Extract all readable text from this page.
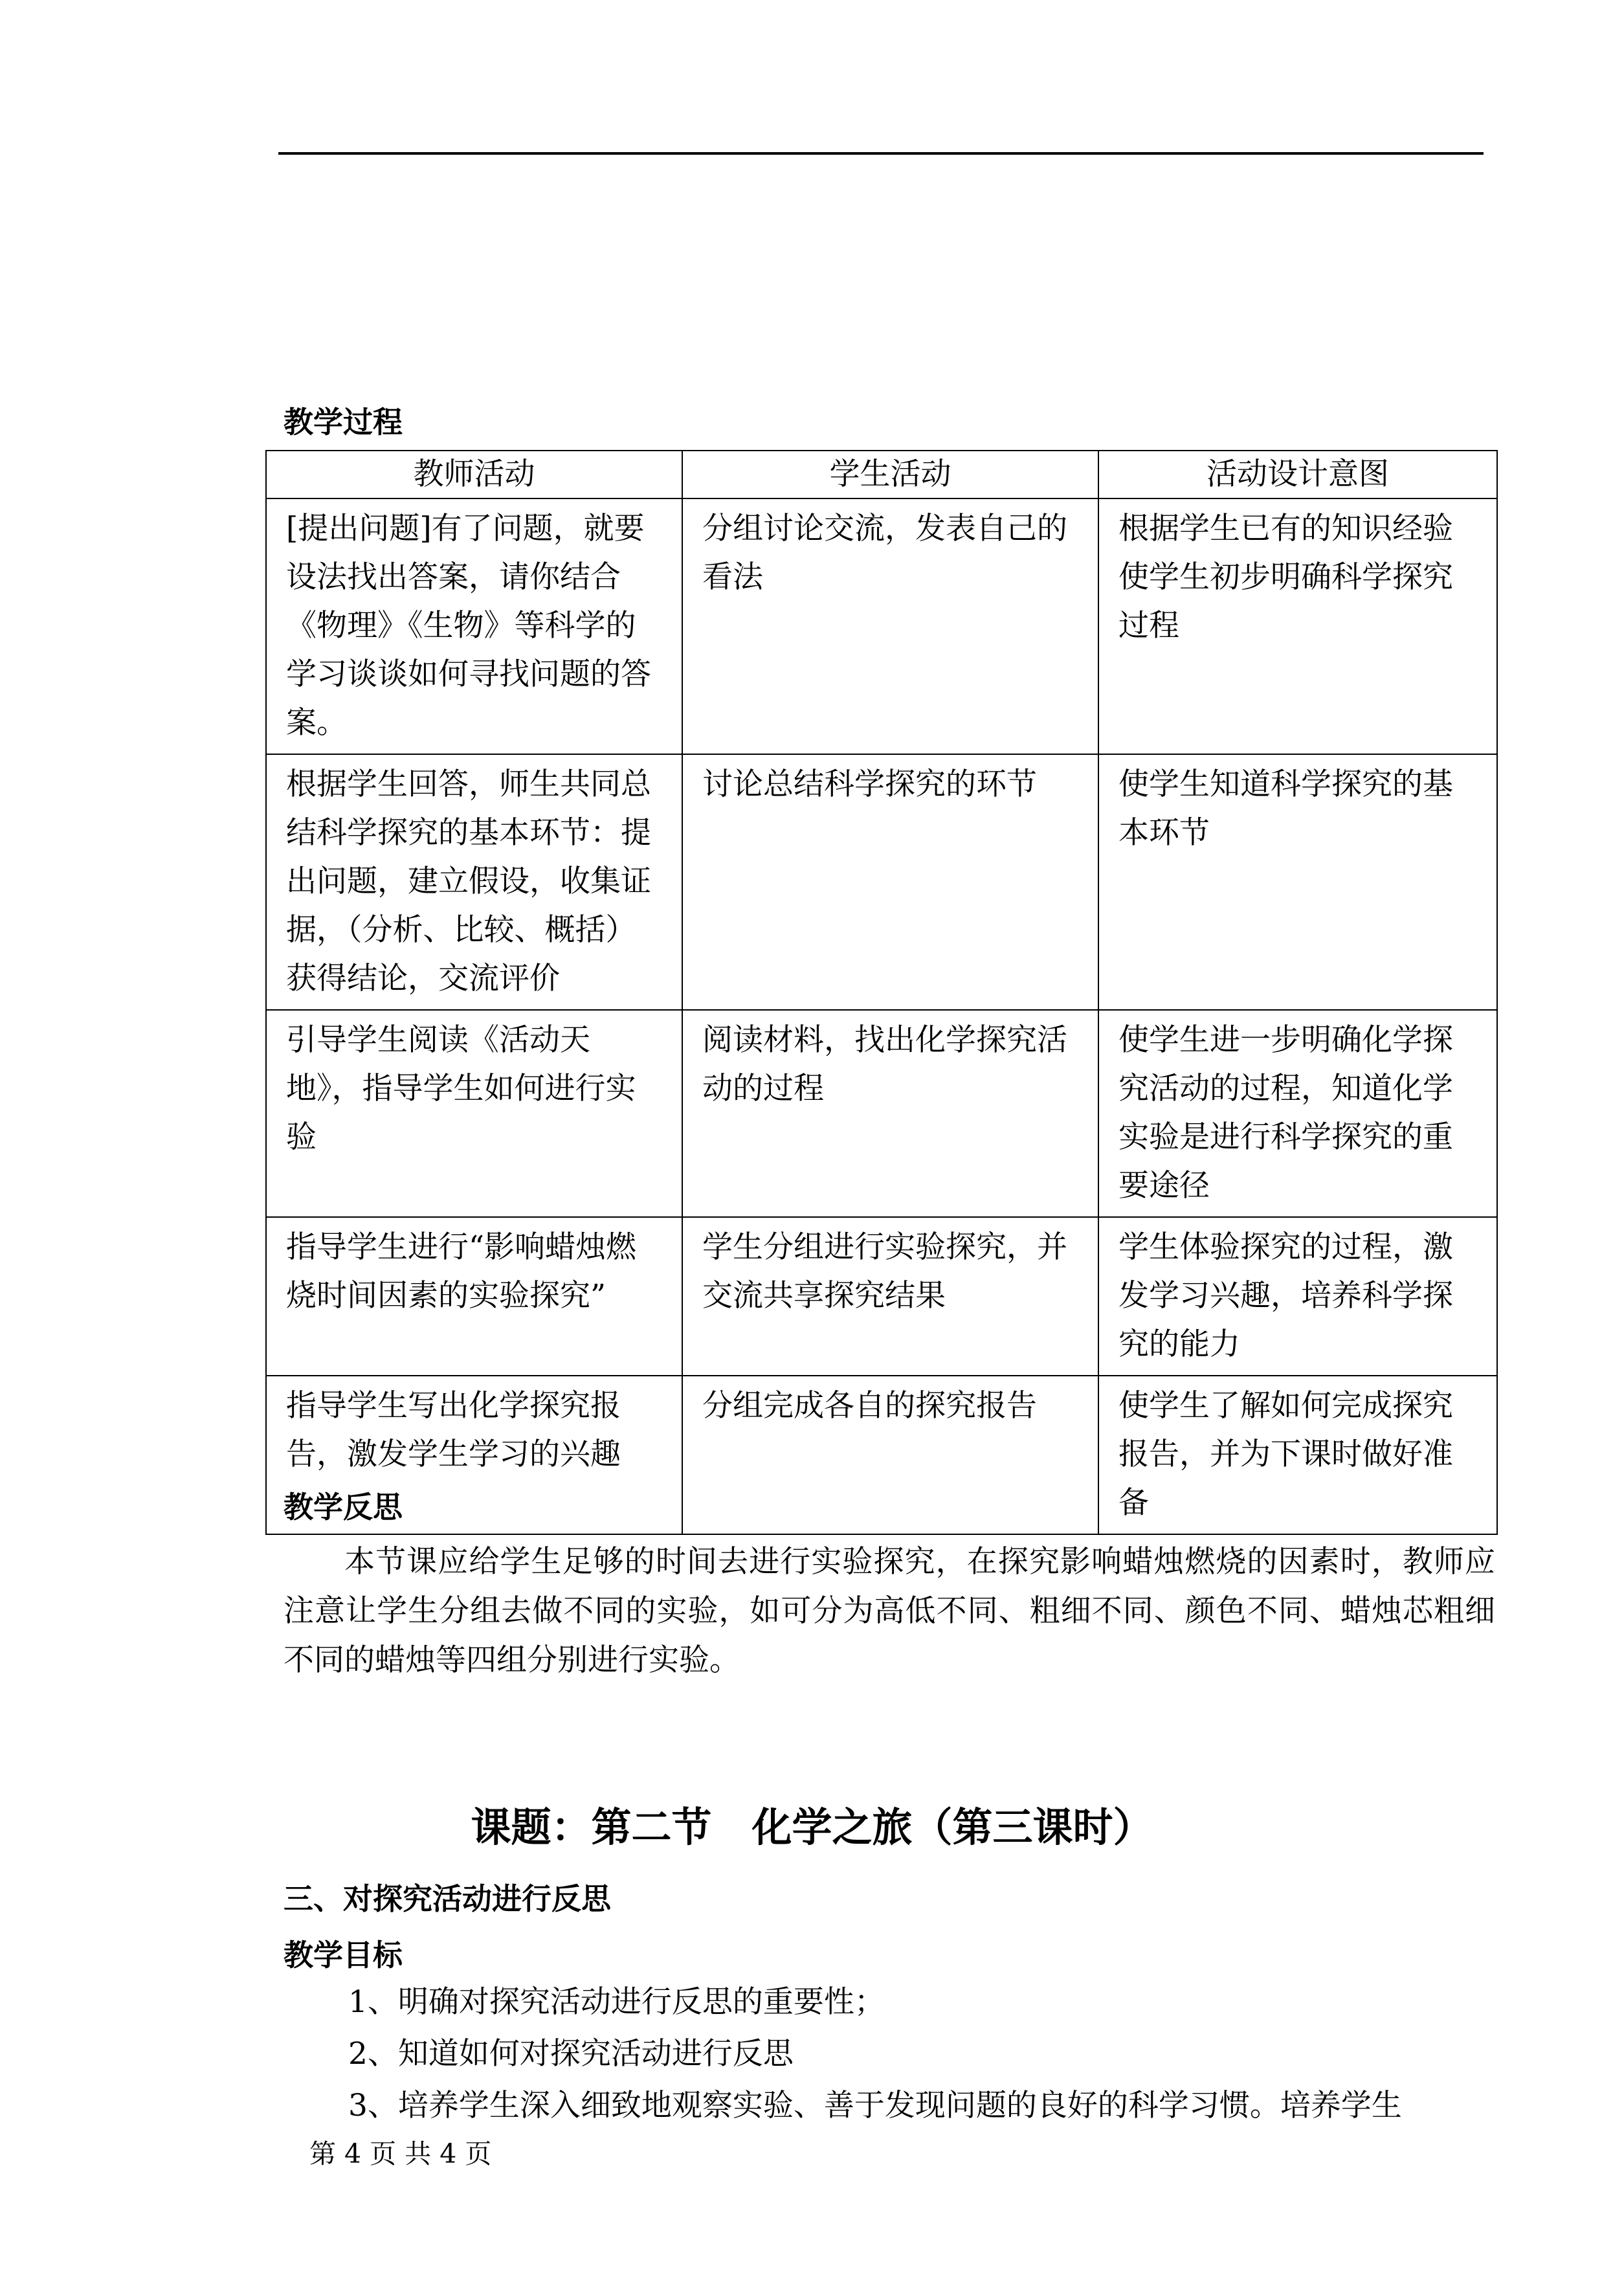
教学过程
教师活动	学生活动	活动设计意图
[提出问题]有了问题，就要设法找出答案，请你结合《物理》《生物》等科学的学习谈谈如何寻找问题的答案。	分组讨论交流，发表自己的看法	根据学生已有的知识经验使学生初步明确科学探究过程
根据学生回答，师生共同总结科学探究的基本环节：提出问题，建立假设，收集证据，（分析、比较、概括）获得结论，交流评价	讨论总结科学探究的环节	使学生知道科学探究的基本环节
引导学生阅读《活动天地》，指导学生如何进行实验	阅读材料，找出化学探究活动的过程	使学生进一步明确化学探究活动的过程，知道化学实验是进行科学探究的重要途径
指导学生进行“影响蜡烛燃烧时间因素的实验探究”	学生分组进行实验探究，并交流共享探究结果	学生体验探究的过程，激发学习兴趣，培养科学探究的能力
指导学生写出化学探究报告，激发学生学习的兴趣	分组完成各自的探究报告	使学生了解如何完成探究报告，并为下课时做好准备
教学反思
本节课应给学生足够的时间去进行实验探究，在探究影响蜡烛燃烧的因素时，教师应注意让学生分组去做不同的实验，如可分为高低不同、粗细不同、颜色不同、蜡烛芯粗细不同的蜡烛等四组分别进行实验。
课题：第二节　化学之旅（第三课时）
三、对探究活动进行反思
教学目标
1、明确对探究活动进行反思的重要性；
2、知道如何对探究活动进行反思
3、培养学生深入细致地观察实验、善于发现问题的良好的科学习惯。培养学生
第 4 页 共 4 页
